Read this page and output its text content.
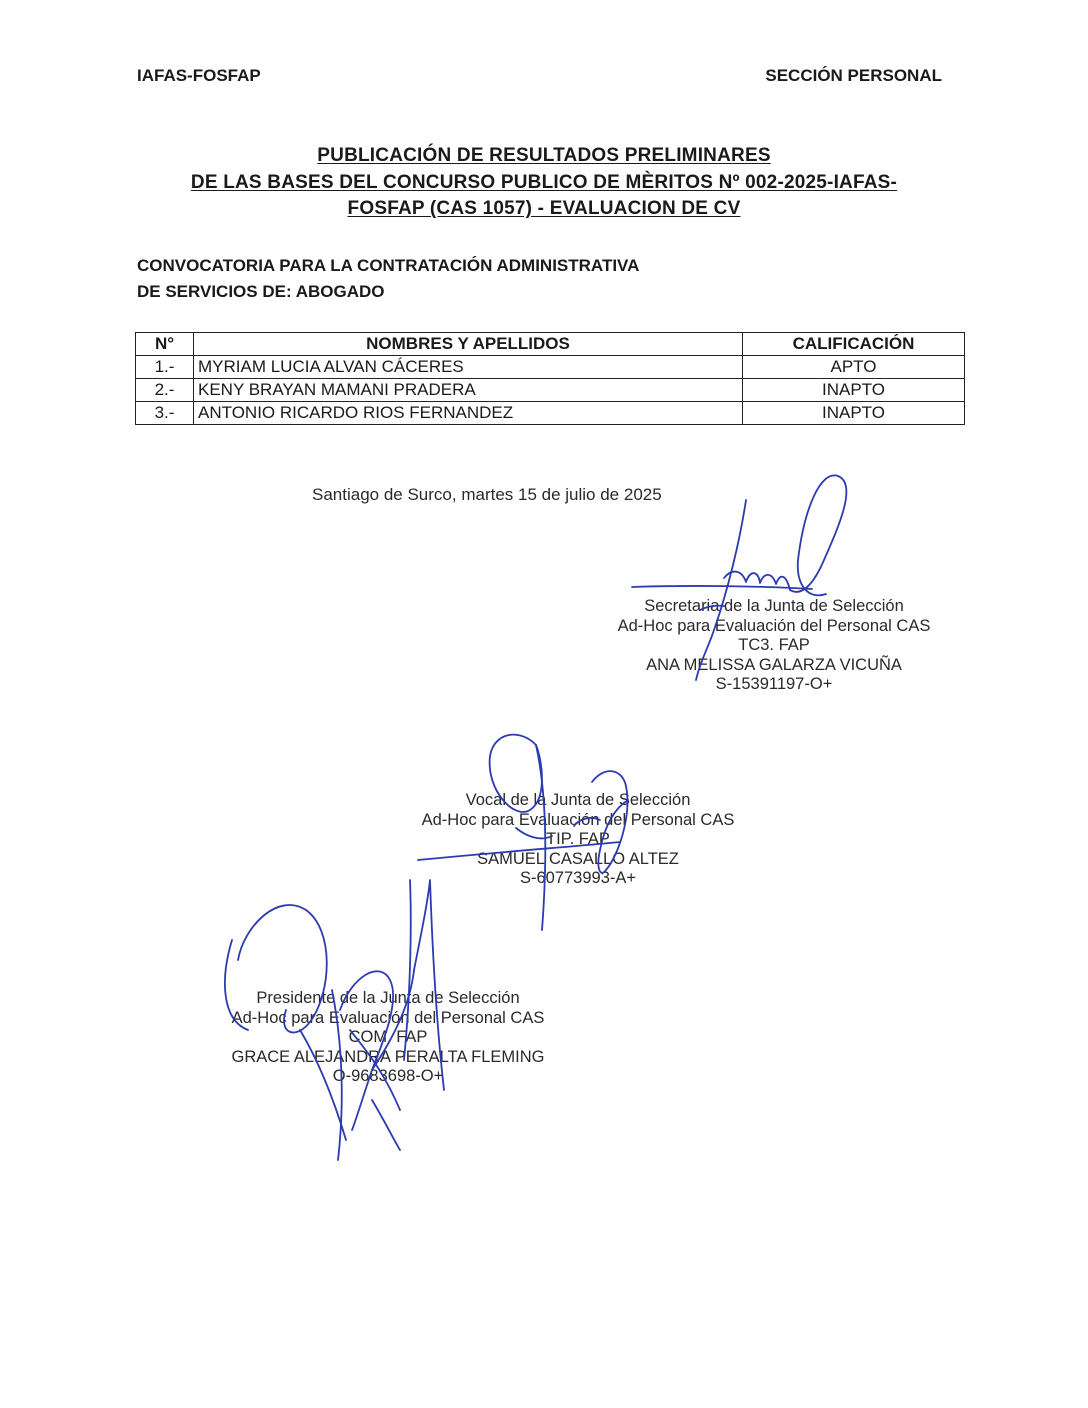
IAFAS-FOSFAP	SECCIÓN PERSONAL
PUBLICACIÓN DE RESULTADOS PRELIMINARES
DE LAS BASES DEL CONCURSO PUBLICO DE MÈRITOS Nº 002-2025-IAFAS-
FOSFAP (CAS 1057) - EVALUACION DE CV
CONVOCATORIA PARA LA CONTRATACIÓN ADMINISTRATIVA
DE SERVICIOS DE: ABOGADO
N°	NOMBRES Y APELLIDOS	CALIFICACIÓN
1.-	MYRIAM LUCIA ALVAN CÁCERES	APTO
2.-	KENY BRAYAN MAMANI PRADERA	INAPTO
3.-	ANTONIO RICARDO RIOS FERNANDEZ	INAPTO
Santiago de Surco, martes 15 de julio de 2025
Secretaria de la Junta de Selección
Ad-Hoc para Evaluación del Personal CAS
TC3. FAP
ANA MELISSA GALARZA VICUÑA
S-15391197-O+
Vocal de la Junta de Selección
Ad-Hoc para Evaluación del Personal CAS
TIP. FAP
SAMUEL CASALLO ALTEZ
S-60773993-A+
Presidente de la Junta de Selección
Ad-Hoc para Evaluación del Personal CAS
COM. FAP
GRACE ALEJANDRA PERALTA FLEMING
O-9683698-O+
